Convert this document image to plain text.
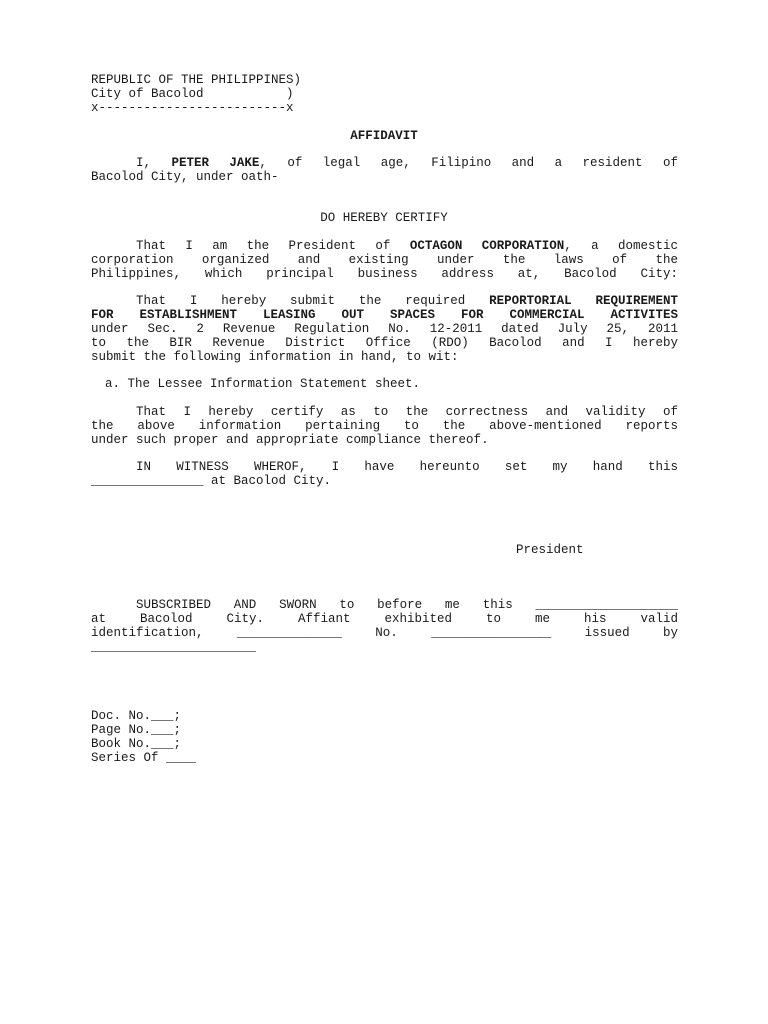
REPUBLIC OF THE PHILIPPINES)
City of Bacolod           )
x-------------------------x
AFFIDAVIT
I, PETER JAKE, of legal age, Filipino and a resident of
Bacolod City, under oath-
DO HEREBY CERTIFY
That I am the President of OCTAGON CORPORATION, a domestic
corporation organized and existing under the laws of the
Philippines, which principal business address at, Bacolod City:
That I hereby submit the required REPORTORIAL REQUIREMENT
FOR ESTABLISHMENT LEASING OUT SPACES FOR COMMERCIAL ACTIVITES
under Sec. 2 Revenue Regulation No. 12-2011 dated July 25, 2011
to the BIR Revenue District Office (RDO) Bacolod and I hereby
submit the following information in hand, to wit:
a. The Lessee Information Statement sheet.
That I hereby certify as to the correctness and validity of
the above information pertaining to the above-mentioned reports
under such proper and appropriate compliance thereof.
IN WITNESS WHEROF, I have hereunto set my hand this
_______________ at Bacolod City.
President
SUBSCRIBED AND SWORN to before me this ___________________
at Bacolod City. Affiant exhibited to me his valid
identification, ______________ No. ________________ issued by
______________________
Doc. No.___;
Page No.___;
Book No.___;
Series Of ____
